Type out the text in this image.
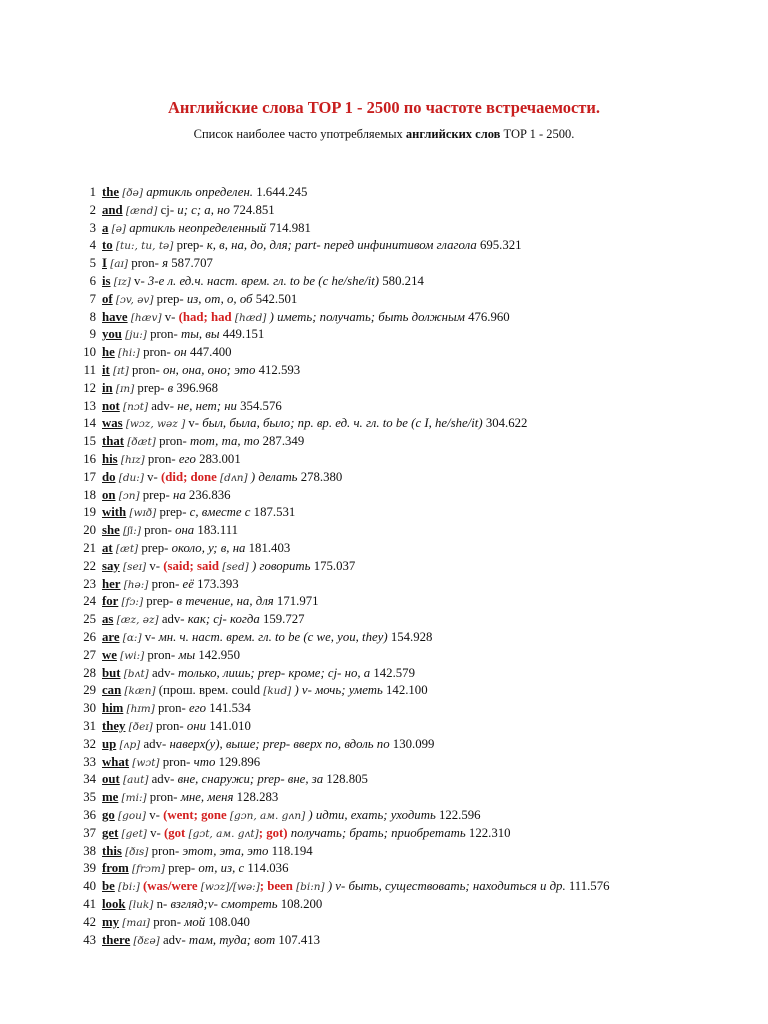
Английские слова TOP 1 - 2500 по частоте встречаемости.
Список наиболее часто употребляемых английских слов TOP 1 - 2500.
1 the [ðə] артикль определен. 1.644.245
2 and [ænd] cj- и; с; а, но 724.851
3 a [ə] артикль неопределенный 714.981
4 to [tu:, tu, tə] prep- к, в, на, до, для; part- перед инфинитивом глагола 695.321
5 I [aɪ] pron- я 587.707
6 is [ɪz] v- 3-е л. ед.ч. наст. врем. гл. to be (с he/she/it) 580.214
7 of [ɔv, əv] prep- из, от, о, об 542.501
8 have [hæv] v- (had; had [hæd] ) иметь; получать; быть должным 476.960
9 you [ju:] pron- ты, вы 449.151
10 he [hi:] pron- он 447.400
11 it [ɪt] pron- он, она, оно; это 412.593
12 in [ɪn] prep- в 396.968
13 not [nɔt] adv- не, нет; ни 354.576
14 was [wɔz, wəz ] v- был, была, было; пр. вр. ед. ч. гл. to be (с I, he/she/it) 304.622
15 that [ðæt] pron- тот, та, то 287.349
16 his [hɪz] pron- его 283.001
17 do [du:] v- (did; done [dʌn] ) делать 278.380
18 on [ɔn] prep- на 236.836
19 with [wɪð] prep- с, вместе с 187.531
20 she [ʃi:] pron- она 183.111
21 at [æt] prep- около, у; в, на 181.403
22 say [seɪ] v- (said; said [sed] ) говорить 175.037
23 her [hə:] pron- её 173.393
24 for [fɔ:] prep- в течение, на, для 171.971
25 as [æz, əz] adv- как; cj- когда 159.727
26 are [ɑ:] v- мн. ч. наст. врем. гл. to be (с we, you, they) 154.928
27 we [wi:] pron- мы 142.950
28 but [bʌt] adv- только, лишь; prep- кроме; cj- но, а 142.579
29 can [kæn] (прош. врем. could [kud] ) v- мочь; уметь 142.100
30 him [hɪm] pron- его 141.534
31 they [ðeɪ] pron- они 141.010
32 up [ʌp] adv- наверх(у), выше; prep- вверх по, вдоль по 130.099
33 what [wɔt] pron- что 129.896
34 out [aut] adv- вне, снаружи; prep- вне, за 128.805
35 me [mi:] pron- мне, меня 128.283
36 go [gou] v- (went; gone [gɔn, ам. gʌn] ) идти, ехать; уходить 122.596
37 get [get] v- (got [gɔt, ам. gʌt]; got) получать; брать; приобретать 122.310
38 this [ðɪs] pron- этот, эта, это 118.194
39 from [frɔm] prep- от, из, с 114.036
40 be [bi:] (was/were [wɔz]/[wə:]; been [bi:n] ) v- быть, существовать; находиться и др. 111.576
41 look [luk] n- взгляд;v- смотреть 108.200
42 my [maɪ] pron- мой 108.040
43 there [ðɛə] adv- там, туда; вот 107.413
